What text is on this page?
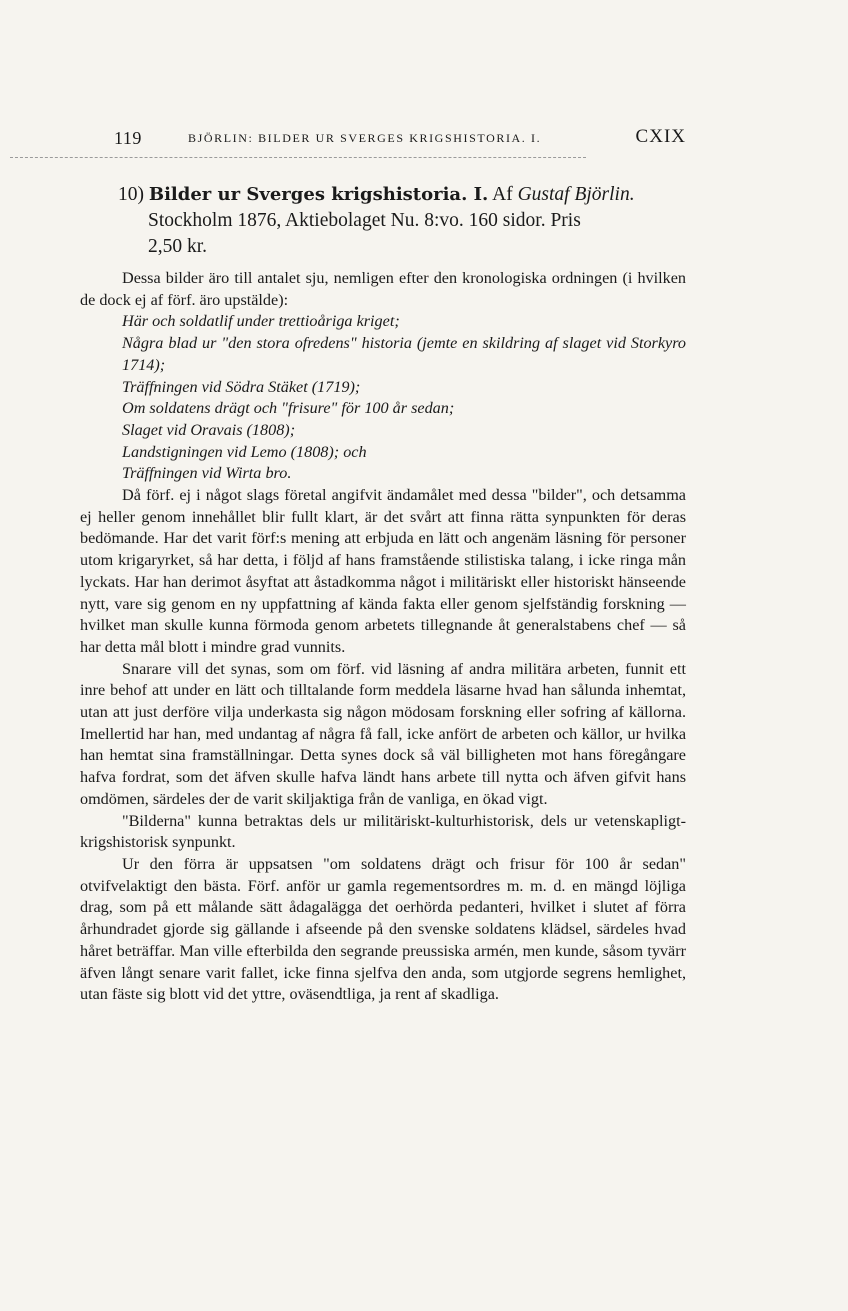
119	BJÖRLIN: BILDER UR SVERGES KRIGSHISTORIA. I.	CXIX
10) Bilder ur Sverges krigshistoria. I. Af Gustaf Björlin.
Stockholm 1876, Aktiebolaget Nu. 8:vo. 160 sidor. Pris
2,50 kr.

Dessa bilder äro till antalet sju, nemligen efter den kronologiska ordningen (i hvilken de dock ej af förf. äro upstälde):

Här och soldatlif under trettioåriga kriget;
Några blad ur "den stora ofredens" historia (jemte en skildring af slaget vid Storkyro 1714);
Träffningen vid Södra Stäket (1719);
Om soldatens drägt och "frisure" för 100 år sedan;
Slaget vid Oravais (1808);
Landstigningen vid Lemo (1808); och
Träffningen vid Wirta bro.

Då förf. ej i något slags företal angifvit ändamålet med dessa "bilder", och detsamma ej heller genom innehållet blir fullt klart, är det svårt att finna rätta synpunkten för deras bedömande. Har det varit förf:s mening att erbjuda en lätt och angenäm läsning för personer utom krigaryrket, så har detta, i följd af hans framstående stilistiska talang, i icke ringa mån lyckats. Har han derimot åsyftat att åstadkomma något i militäriskt eller historiskt hänseende nytt, vare sig genom en ny uppfattning af kända fakta eller genom sjelfständig forskning — hvilket man skulle kunna förmoda genom arbetets tillegnande åt generalstabens chef — så har detta mål blott i mindre grad vunnits.

Snarare vill det synas, som om förf. vid läsning af andra militära arbeten, funnit ett inre behof att under en lätt och tilltalande form meddela läsarne hvad han sålunda inhemtat, utan att just derföre vilja underkasta sig någon mödosam forskning eller sofring af källorna. Imellertid har han, med undantag af några få fall, icke anfört de arbeten och källor, ur hvilka han hemtat sina framställningar. Detta synes dock så väl billigheten mot hans föregångare hafva fordrat, som det äfven skulle hafva ländt hans arbete till nytta och äfven gifvit hans omdömen, särdeles der de varit skiljaktiga från de vanliga, en ökad vigt.

"Bilderna" kunna betraktas dels ur militäriskt-kulturhistorisk, dels ur vetenskapligt-krigshistorisk synpunkt.

Ur den förra är uppsatsen "om soldatens drägt och frisur för 100 år sedan" otvifvelaktigt den bästa. Förf. anför ur gamla regementsordres m. m. d. en mängd löjliga drag, som på ett målande sätt ådagalägga det oerhörda pedanteri, hvilket i slutet af förra århundradet gjorde sig gällande i afseende på den svenske soldatens klädsel, särdeles hvad håret beträffar. Man ville efterbilda den segrande preussiska armén, men kunde, såsom tyvärr äfven långt senare varit fallet, icke finna sjelfva den anda, som utgjorde segrens hemlighet, utan fäste sig blott vid det yttre, oväsendtliga, ja rent af skadliga.
